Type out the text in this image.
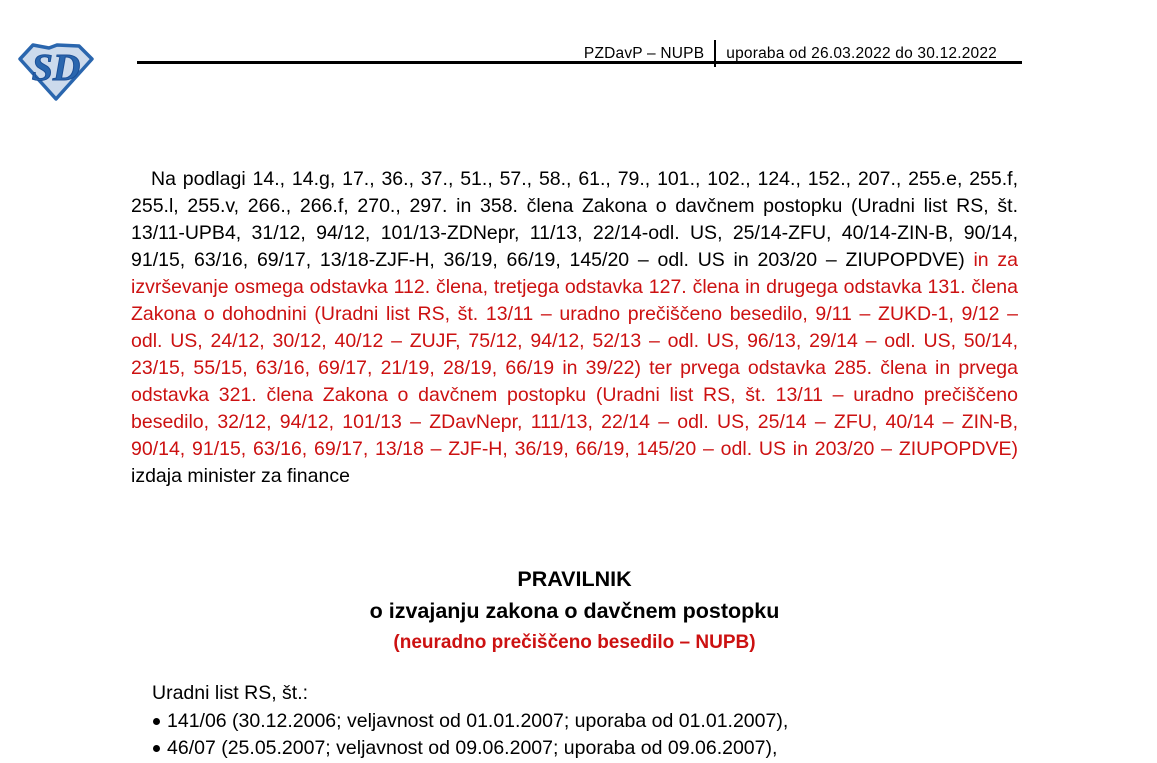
SD	PZDavP – NUPB uporaba od 26.03.2022 do 30.12.2022

Na podlagi 14., 14.g, 17., 36., 37., 51., 57., 58., 61., 79., 101., 102., 124., 152., 207., 255.e, 255.f, 255.l, 255.v, 266., 266.f, 270., 297. in 358. člena Zakona o davčnem postopku (Uradni list RS, št. 13/11-UPB4, 31/12, 94/12, 101/13-ZDNepr, 11/13, 22/14-odl. US, 25/14-ZFU, 40/14-ZIN-B, 90/14, 91/15, 63/16, 69/17, 13/18-ZJF-H, 36/19, 66/19, 145/20 – odl. US in 203/20 – ZIUPOPDVE) in za izvrševanje osmega odstavka 112. člena, tretjega odstavka 127. člena in drugega odstavka 131. člena Zakona o dohodnini (Uradni list RS, št. 13/11 – uradno prečiščeno besedilo, 9/11 – ZUKD-1, 9/12 – odl. US, 24/12, 30/12, 40/12 – ZUJF, 75/12, 94/12, 52/13 – odl. US, 96/13, 29/14 – odl. US, 50/14, 23/15, 55/15, 63/16, 69/17, 21/19, 28/19, 66/19 in 39/22) ter prvega odstavka 285. člena in prvega odstavka 321. člena Zakona o davčnem postopku (Uradni list RS, št. 13/11 – uradno prečiščeno besedilo, 32/12, 94/12, 101/13 – ZDavNepr, 111/13, 22/14 – odl. US, 25/14 – ZFU, 40/14 – ZIN-B, 90/14, 91/15, 63/16, 69/17, 13/18 – ZJF-H, 36/19, 66/19, 145/20 – odl. US in 203/20 – ZIUPOPDVE) izdaja minister za finance

PRAVILNIK
o izvajanju zakona o davčnem postopku
(neuradno prečiščeno besedilo – NUPB)
Uradni list RS, št.:
141/06 (30.12.2006; veljavnost od 01.01.2007; uporaba od 01.01.2007),
46/07 (25.05.2007; veljavnost od 09.06.2007; uporaba od 09.06.2007),
